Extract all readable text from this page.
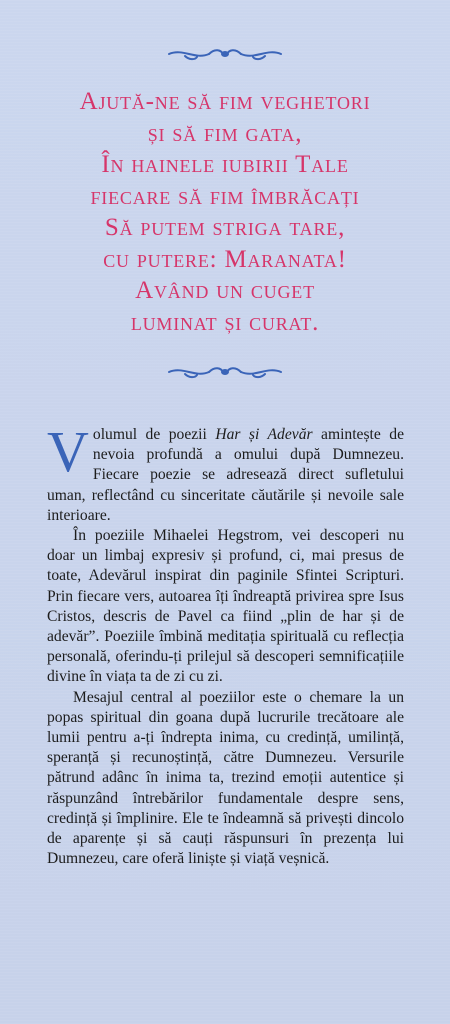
Ajută-ne să fim veghetori
și să fim gata,
În hainele iubirii Tale
fiecare să fim îmbrăcați
Să putem striga tare,
cu putere: Maranata!
Având un cuget
luminat și curat.

Volumul de poezii Har și Adevăr amintește de nevoia profundă a omului după Dumnezeu. Fiecare poezie se adresează direct sufletului uman, reflectând cu sinceritate căutările și nevoile sale interioare.

În poeziile Mihaelei Hegstrom, vei descoperi nu doar un limbaj expresiv și profund, ci, mai presus de toate, Adevărul inspirat din paginile Sfintei Scripturi. Prin fiecare vers, autoarea îți îndreaptă privirea spre Isus Cristos, descris de Pavel ca fiind „plin de har și de adevăr”. Poeziile îmbină meditația spirituală cu reflecția personală, oferindu-ți prilejul să descoperi semnificațiile divine în viața ta de zi cu zi.

Mesajul central al poeziilor este o chemare la un popas spiritual din goana după lucrurile trecătoare ale lumii pentru a-ți îndrepta inima, cu credință, umilință, speranță și recunoștință, către Dumnezeu. Versurile pătrund adânc în inima ta, trezind emoții autentice și răspunzând întrebărilor fundamentale despre sens, credință și împlinire. Ele te îndeamnă să privești dincolo de aparențe și să cauți răspunsuri în prezența lui Dumnezeu, care oferă liniște și viață veșnică.
